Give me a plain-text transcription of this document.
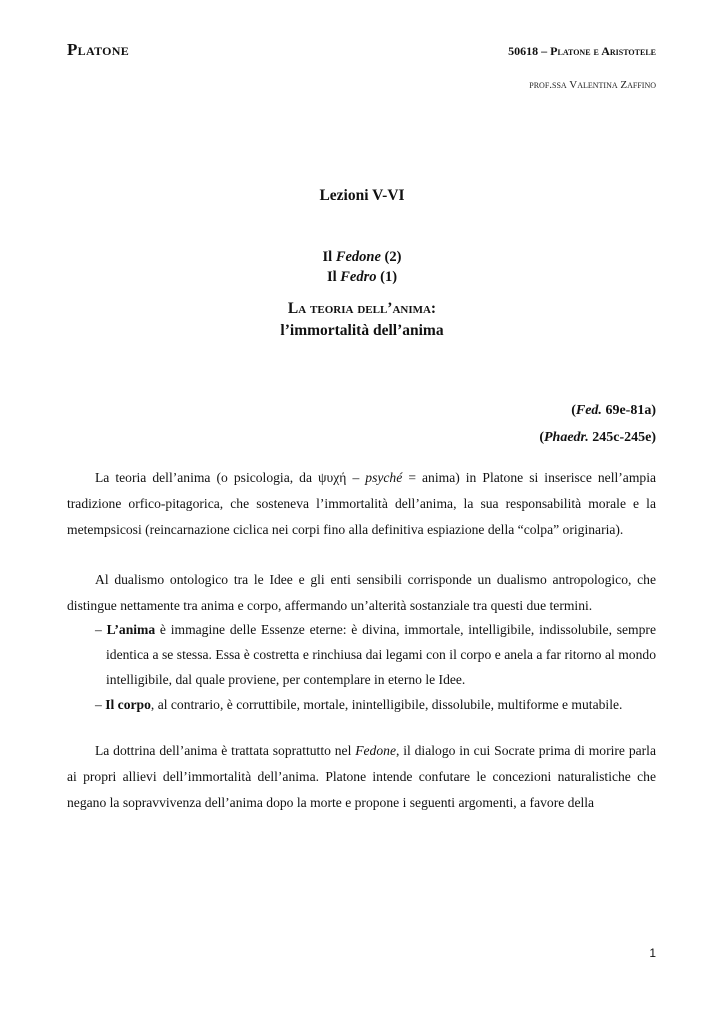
Platone	50618 – Platone e Aristotele
prof.ssa Valentina Zaffino
Lezioni V-VI
Il Fedone (2)
Il Fedro (1)
La teoria dell’anima:
l’immortalità dell’anima
(Fed. 69e-81a)
(Phaedr. 245c-245e)

La teoria dell’anima (o psicologia, da ψυχή – psyché = anima) in Platone si inserisce nell’ampia tradizione orfico-pitagorica, che sosteneva l’immortalità dell’anima, la sua responsabilità morale e la metempsicosi (reincarnazione ciclica nei corpi fino alla definitiva espiazione della “colpa” originaria).

Al dualismo ontologico tra le Idee e gli enti sensibili corrisponde un dualismo antropologico, che distingue nettamente tra anima e corpo, affermando un’alterità sostanziale tra questi due termini.

– L’anima è immagine delle Essenze eterne: è divina, immortale, intelligibile, indissolubile, sempre identica a se stessa. Essa è costretta e rinchiusa dai legami con il corpo e anela a far ritorno al mondo intelligibile, dal quale proviene, per contemplare in eterno le Idee.

– Il corpo, al contrario, è corruttibile, mortale, inintelligibile, dissolubile, multiforme e mutabile.

La dottrina dell’anima è trattata soprattutto nel Fedone, il dialogo in cui Socrate prima di morire parla ai propri allievi dell’immortalità dell’anima. Platone intende confutare le concezioni naturalistiche che negano la sopravvivenza dell’anima dopo la morte e propone i seguenti argomenti, a favore della

1
